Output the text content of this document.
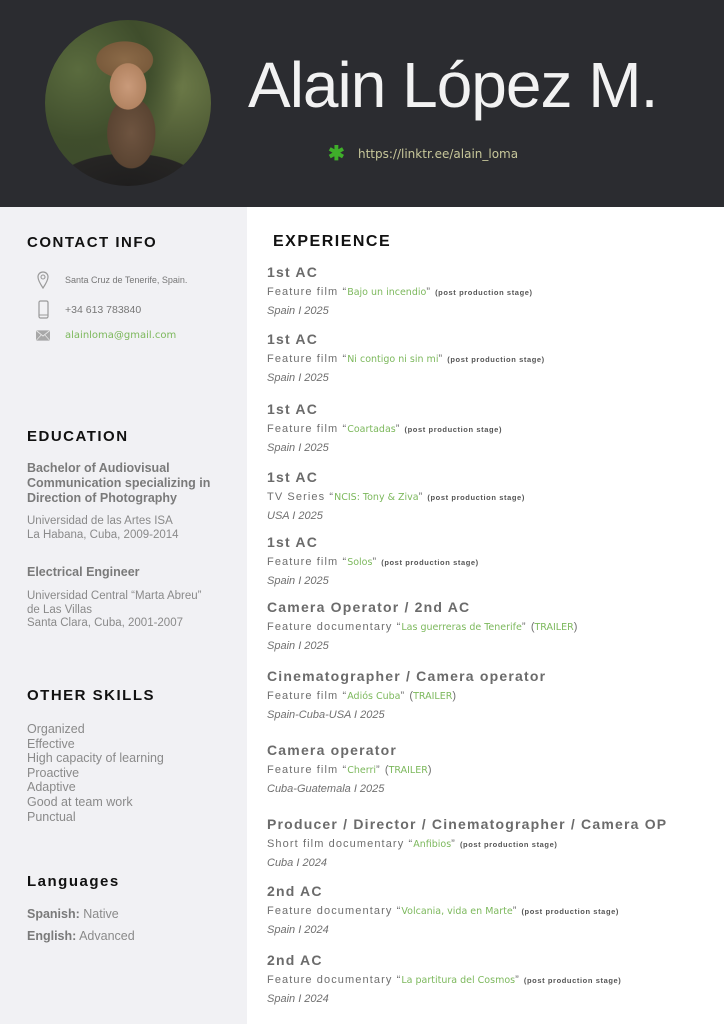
Alain López M.
✱ https://linktr.ee/alain_loma
CONTACT INFO
Santa Cruz de Tenerife, Spain.
+34 613 783840
alainloma@gmail.com
EDUCATION
Bachelor of Audiovisual Communication specializing in Direction of Photography
Universidad de las Artes ISA
La Habana, Cuba, 2009-2014
Electrical Engineer
Universidad Central “Marta Abreu” de Las Villas
Santa Clara, Cuba, 2001-2007
OTHER SKILLS
Organized
Effective
High capacity of learning
Proactive
Adaptive
Good at team work
Punctual
Languages
Spanish: Native
English: Advanced
EXPERIENCE
1st AC
Feature film “Bajo un incendio” (post production stage)
Spain I 2025
1st AC
Feature film “Ni contigo ni sin mi” (post production stage)
Spain I 2025
1st AC
Feature film “Coartadas” (post production stage)
Spain I 2025
1st AC
TV Series “NCIS: Tony & Ziva” (post production stage)
USA I 2025
1st AC
Feature film “Solos” (post production stage)
Spain I 2025
Camera Operator / 2nd AC
Feature documentary “Las guerreras de Tenerife” (TRAILER)
Spain I 2025
Cinematographer / Camera operator
Feature film “Adiós Cuba” (TRAILER)
Spain-Cuba-USA I 2025
Camera operator
Feature film “Cherri” (TRAILER)
Cuba-Guatemala I 2025
Producer / Director / Cinematographer / Camera OP
Short film documentary “Anfibios” (post production stage)
Cuba I 2024
2nd AC
Feature documentary “Volcania, vida en Marte” (post production stage)
Spain I 2024
2nd AC
Feature documentary “La partitura del Cosmos” (post production stage)
Spain I 2024
